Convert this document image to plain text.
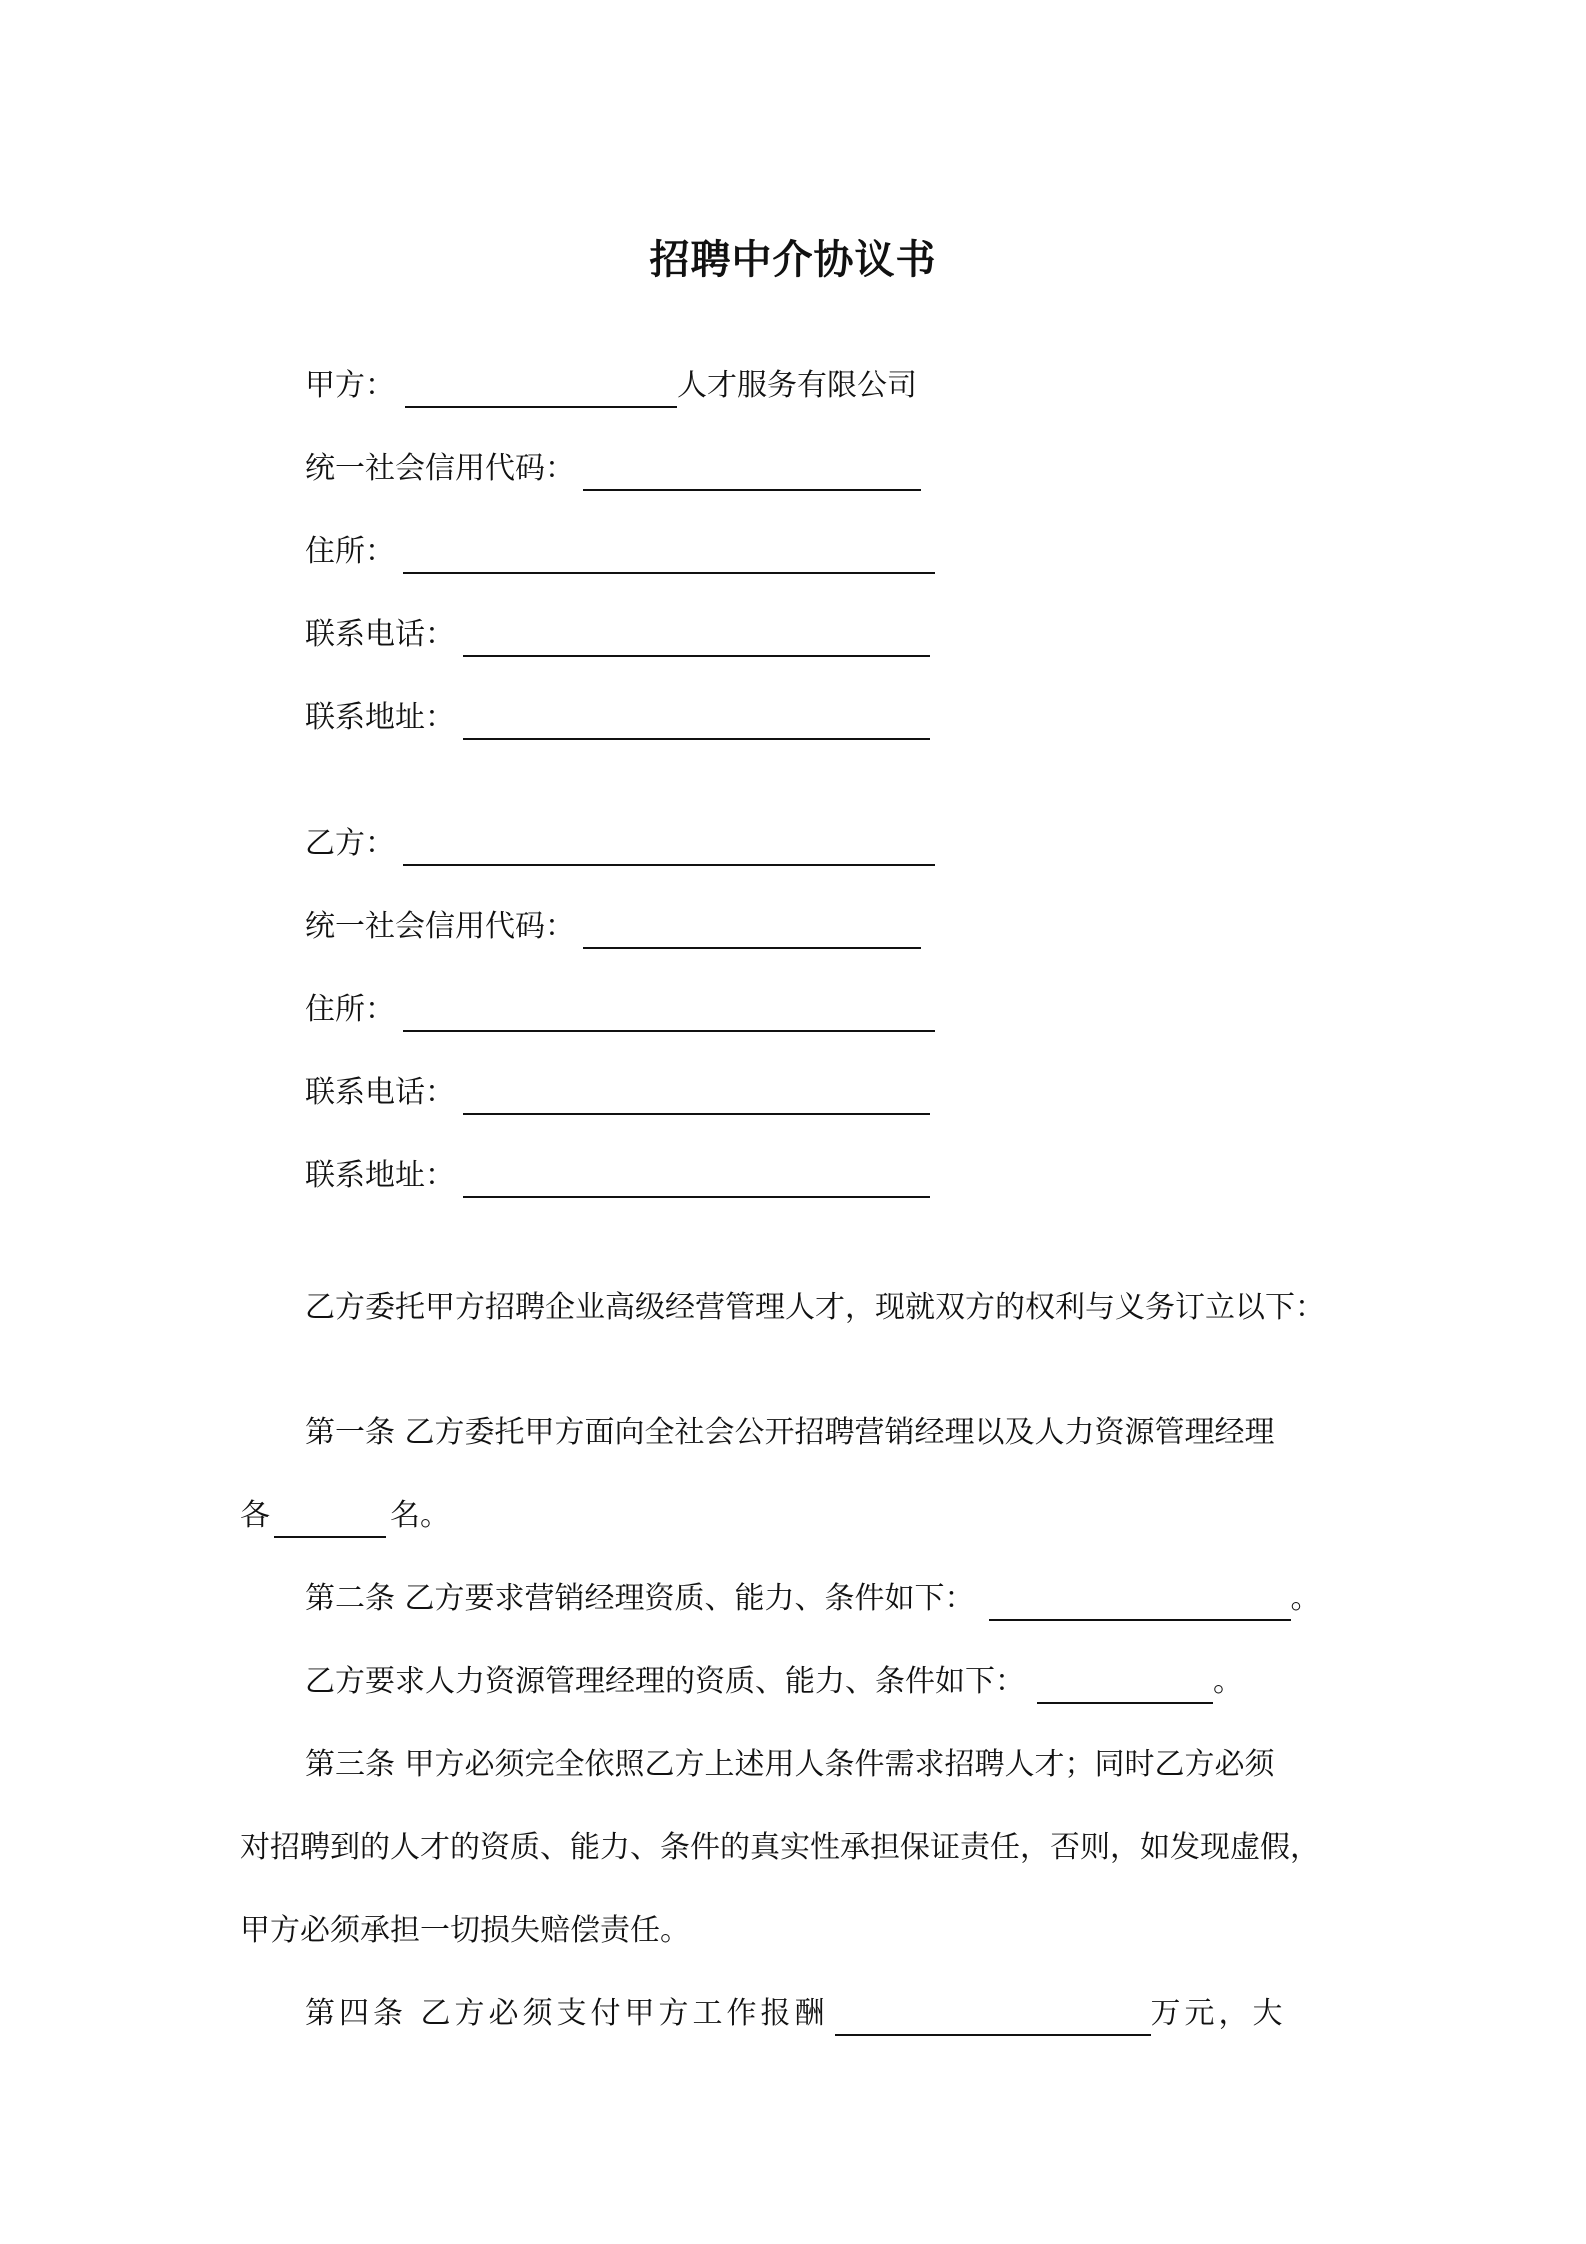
招聘中介协议书
甲方：	人才服务有限公司
统一社会信用代码：
住所：
联系电话：
联系地址：
乙方：
统一社会信用代码：
住所：
联系电话：
联系地址：
乙方委托甲方招聘企业高级经营管理人才，现就双方的权利与义务订立以下：
第一条 乙方委托甲方面向全社会公开招聘营销经理以及人力资源管理经理
各	名。
第二条 乙方要求营销经理资质、能力、条件如下：	。
乙方要求人力资源管理经理的资质、能力、条件如下：	。
第三条 甲方必须完全依照乙方上述用人条件需求招聘人才；同时乙方必须
对招聘到的人才的资质、能力、条件的真实性承担保证责任，否则，如发现虚假，
甲方必须承担一切损失赔偿责任。
第四条 乙方必须支付甲方工作报酬	万元，大
